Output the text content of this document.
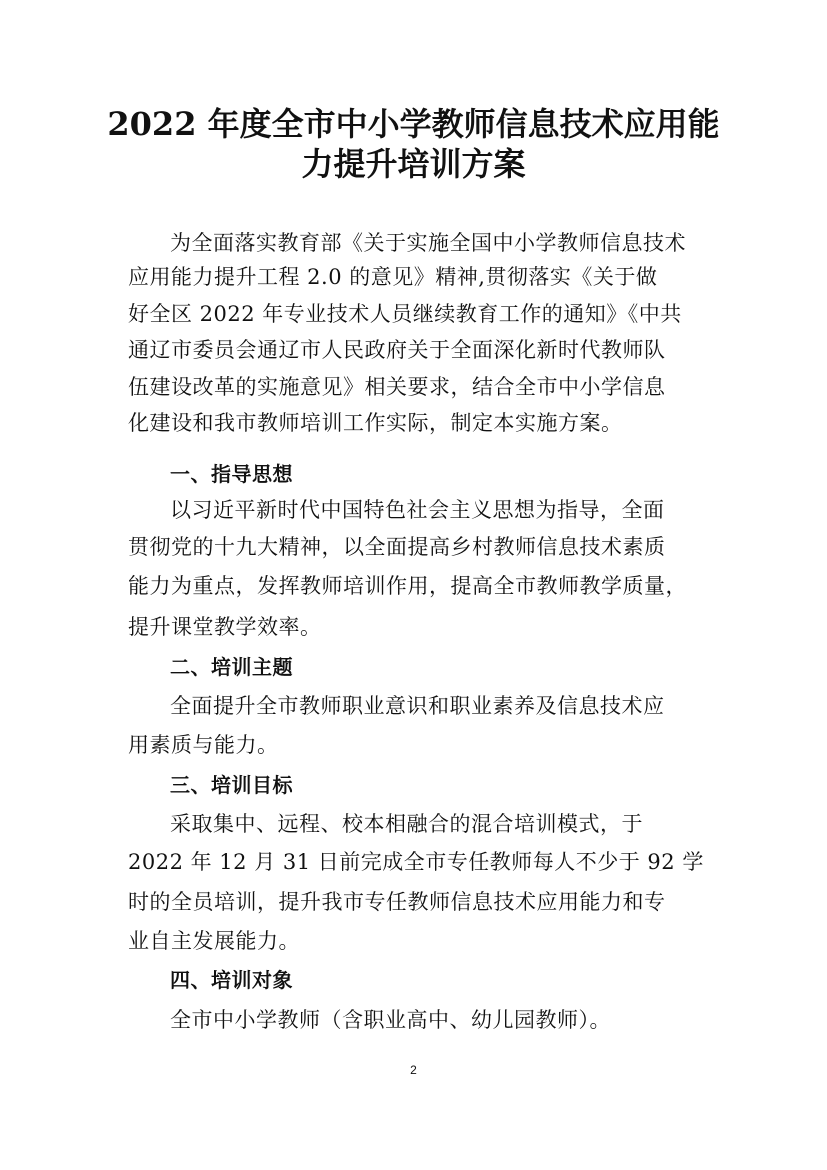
2022 年度全市中小学教师信息技术应用能
力提升培训方案
为全面落实教育部《关于实施全国中小学教师信息技术
应用能力提升工程 2.0 的意见》精神,贯彻落实《关于做
好全区 2022 年专业技术人员继续教育工作的通知》《中共
通辽市委员会通辽市人民政府关于全面深化新时代教师队
伍建设改革的实施意见》相关要求，结合全市中小学信息
化建设和我市教师培训工作实际，制定本实施方案。
一、指导思想
以习近平新时代中国特色社会主义思想为指导，全面
贯彻党的十九大精神，以全面提高乡村教师信息技术素质
能力为重点，发挥教师培训作用，提高全市教师教学质量，
提升课堂教学效率。
二、培训主题
全面提升全市教师职业意识和职业素养及信息技术应
用素质与能力。
三、培训目标
采取集中、远程、校本相融合的混合培训模式，于
2022 年 12 月 31 日前完成全市专任教师每人不少于 92 学
时的全员培训，提升我市专任教师信息技术应用能力和专
业自主发展能力。
四、培训对象
全市中小学教师（含职业高中、幼儿园教师）。
2
